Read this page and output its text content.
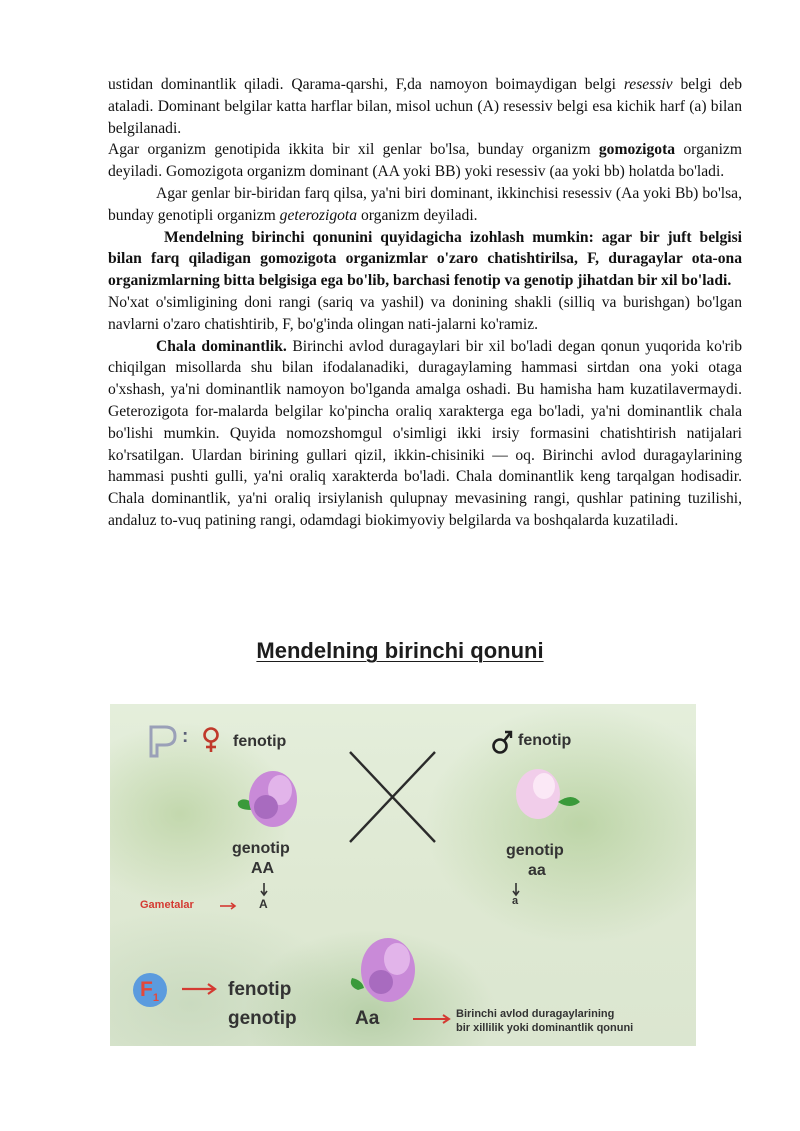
ustidan dominantlik qiladi. Qarama-qarshi, F,da namoyon boimaydigan belgi resessiv belgi deb ataladi. Dominant belgilar katta harflar bilan, misol uchun (A) resessiv belgi esa kichik harf (a) bilan belgilanadi.

Agar organizm genotipida ikkita bir xil genlar bo'lsa, bunday organizm gomozigota organizm deyiladi. Gomozigota organizm dominant (AA yoki BB) yoki resessiv (aa yoki bb) holatda bo'ladi.

Agar genlar bir-biridan farq qilsa, ya'ni biri dominant, ikkinchisi resessiv (Aa yoki Bb) bo'lsa, bunday genotipli organizm geterozigota organizm deyiladi.

Mendelning birinchi qonunini quyidagicha izohlash mumkin: agar bir juft belgisi bilan farq qiladigan gomozigota organizmlar o'zaro chatishtirilsa, F, duragaylar ota-ona organizmlarning bitta belgisiga ega bo'lib, barchasi fenotip va genotip jihatdan bir xil bo'ladi.

No'xat o'simligining doni rangi (sariq va yashil) va donining shakli (silliq va burishgan) bo'lgan navlarni o'zaro chatishtirib, F, bo'g'inda olingan nati-jalarni ko'ramiz.

Chala dominantlik. Birinchi avlod duragaylari bir xil bo'ladi degan qonun yuqorida ko'rib chiqilgan misollarda shu bilan ifodalanadiki, duragaylaming hammasi sirtdan ona yoki otaga o'xshash, ya'ni dominantlik namoyon bo'lganda amalga oshadi. Bu hamisha ham kuzatilavermaydi. Geterozigota for-malarda belgilar ko'pincha oraliq xarakterga ega bo'ladi, ya'ni dominantlik chala bo'lishi mumkin. Quyida nomozshomgul o'simligi ikki irsiy formasini chatishtirish natijalari ko'rsatilgan. Ulardan birining gullari qizil, ikkin-chisiniki — oq. Birinchi avlod duragaylarining hammasi pushti gulli, ya'ni oraliq xarakterda bo'ladi. Chala dominantlik keng tarqalgan hodisadir. Chala dominantlik, ya'ni oraliq irsiylanish qulupnay mevasining rangi, qushlar patining tuzilishi, andaluz to-vuq patining rangi, odamdagi biokimyoviy belgilarda va boshqalarda kuzatiladi.

Mendelning birinchi qonuni
:	fenotip	fenotip
genotip
AA
A
Gametalar
genotip
aa
a
$F_1$	fenotip
genotip	Aa	Birinchi avlod duragaylarining
bir xillilik yoki dominantlik qonuni
